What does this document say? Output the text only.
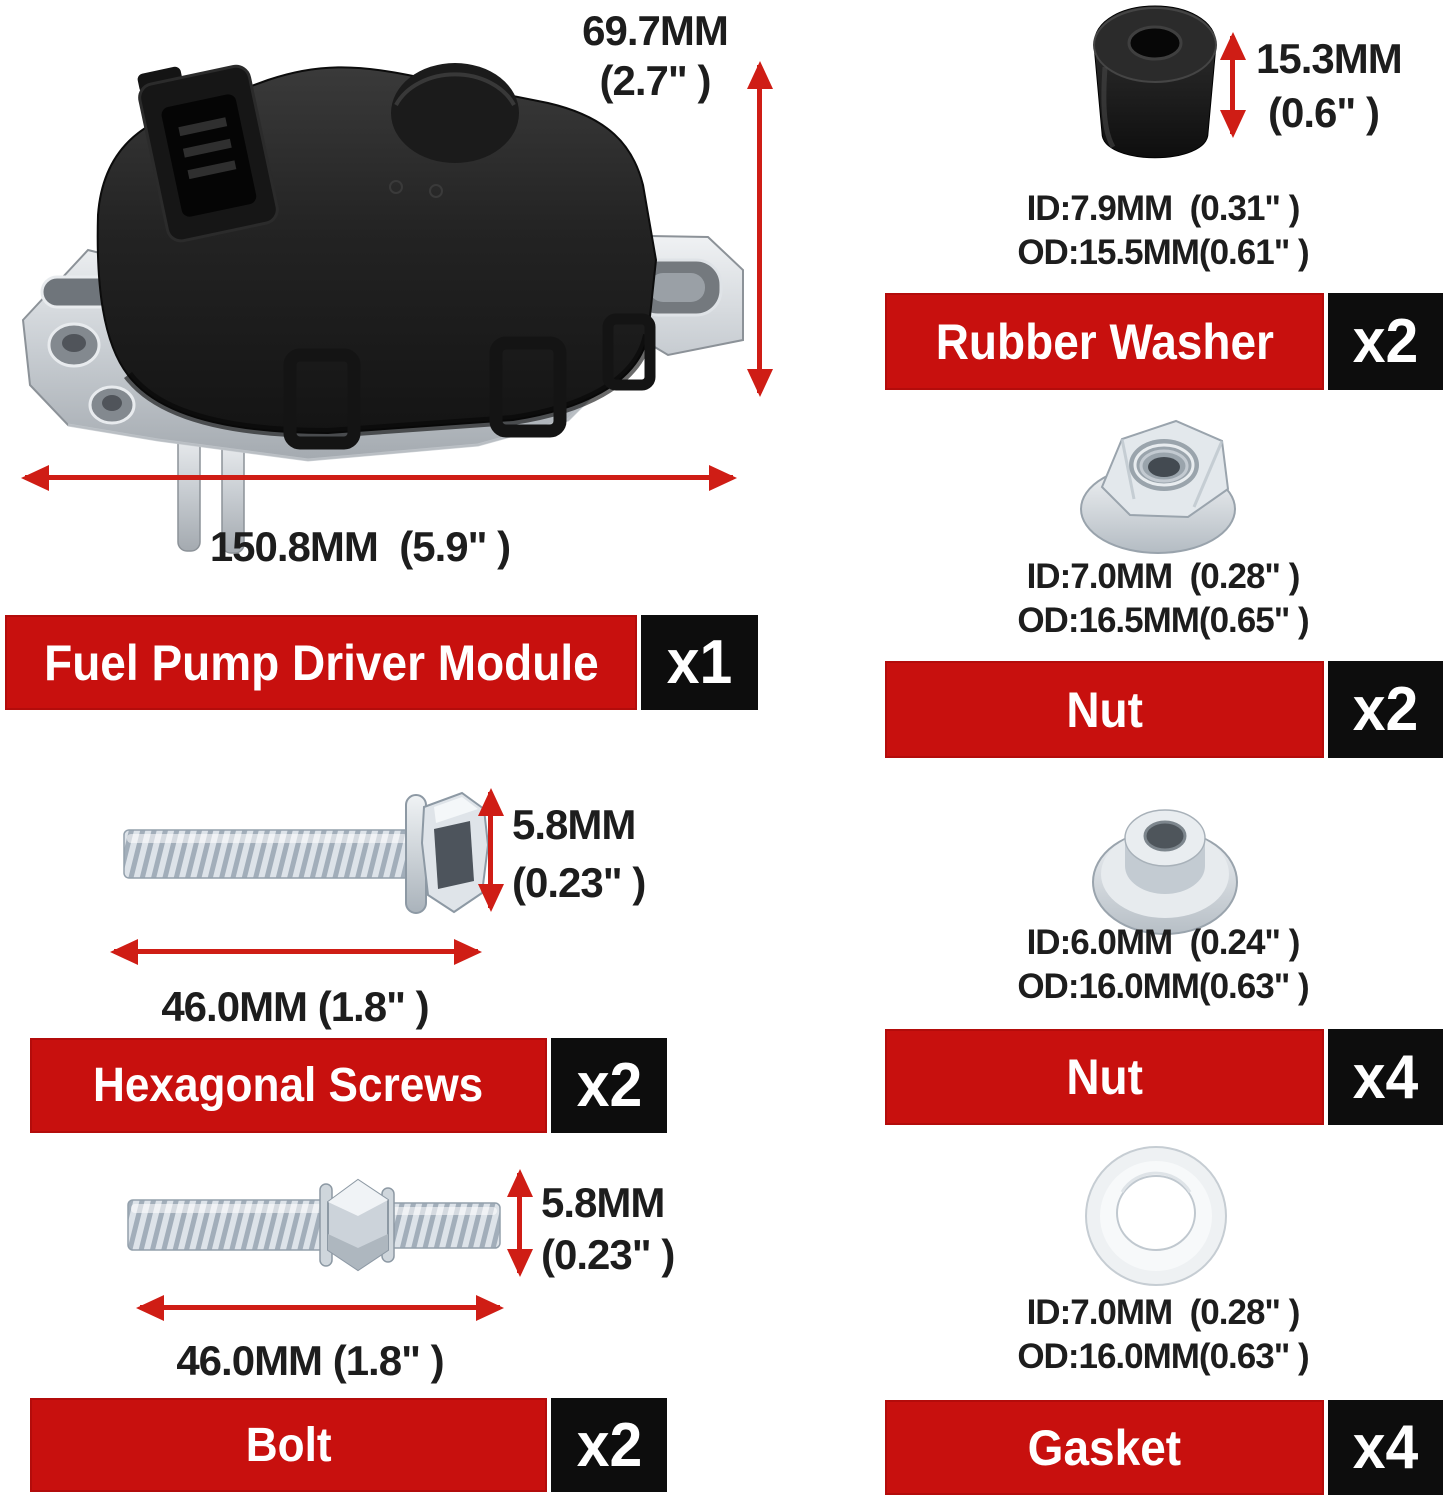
69.7MM
(2.7" )
150.8MM  (5.9" )
Fuel Pump Driver Module x1
5.8MM
(0.23" )
46.0MM (1.8" )
Hexagonal Screws x2
5.8MM
(0.23" )
46.0MM (1.8" )
Bolt	x2
15.3MM
(0.6" )
ID:7.9MM  (0.31" )
OD:15.5MM(0.61" )
Rubber Washer x2
ID:7.0MM  (0.28" )
OD:16.5MM(0.65" )
Nut	x2
ID:6.0MM  (0.24" )
OD:16.0MM(0.63" )
Nut	x4
ID:7.0MM  (0.28" )
OD:16.0MM(0.63" )
Gasket	x4
